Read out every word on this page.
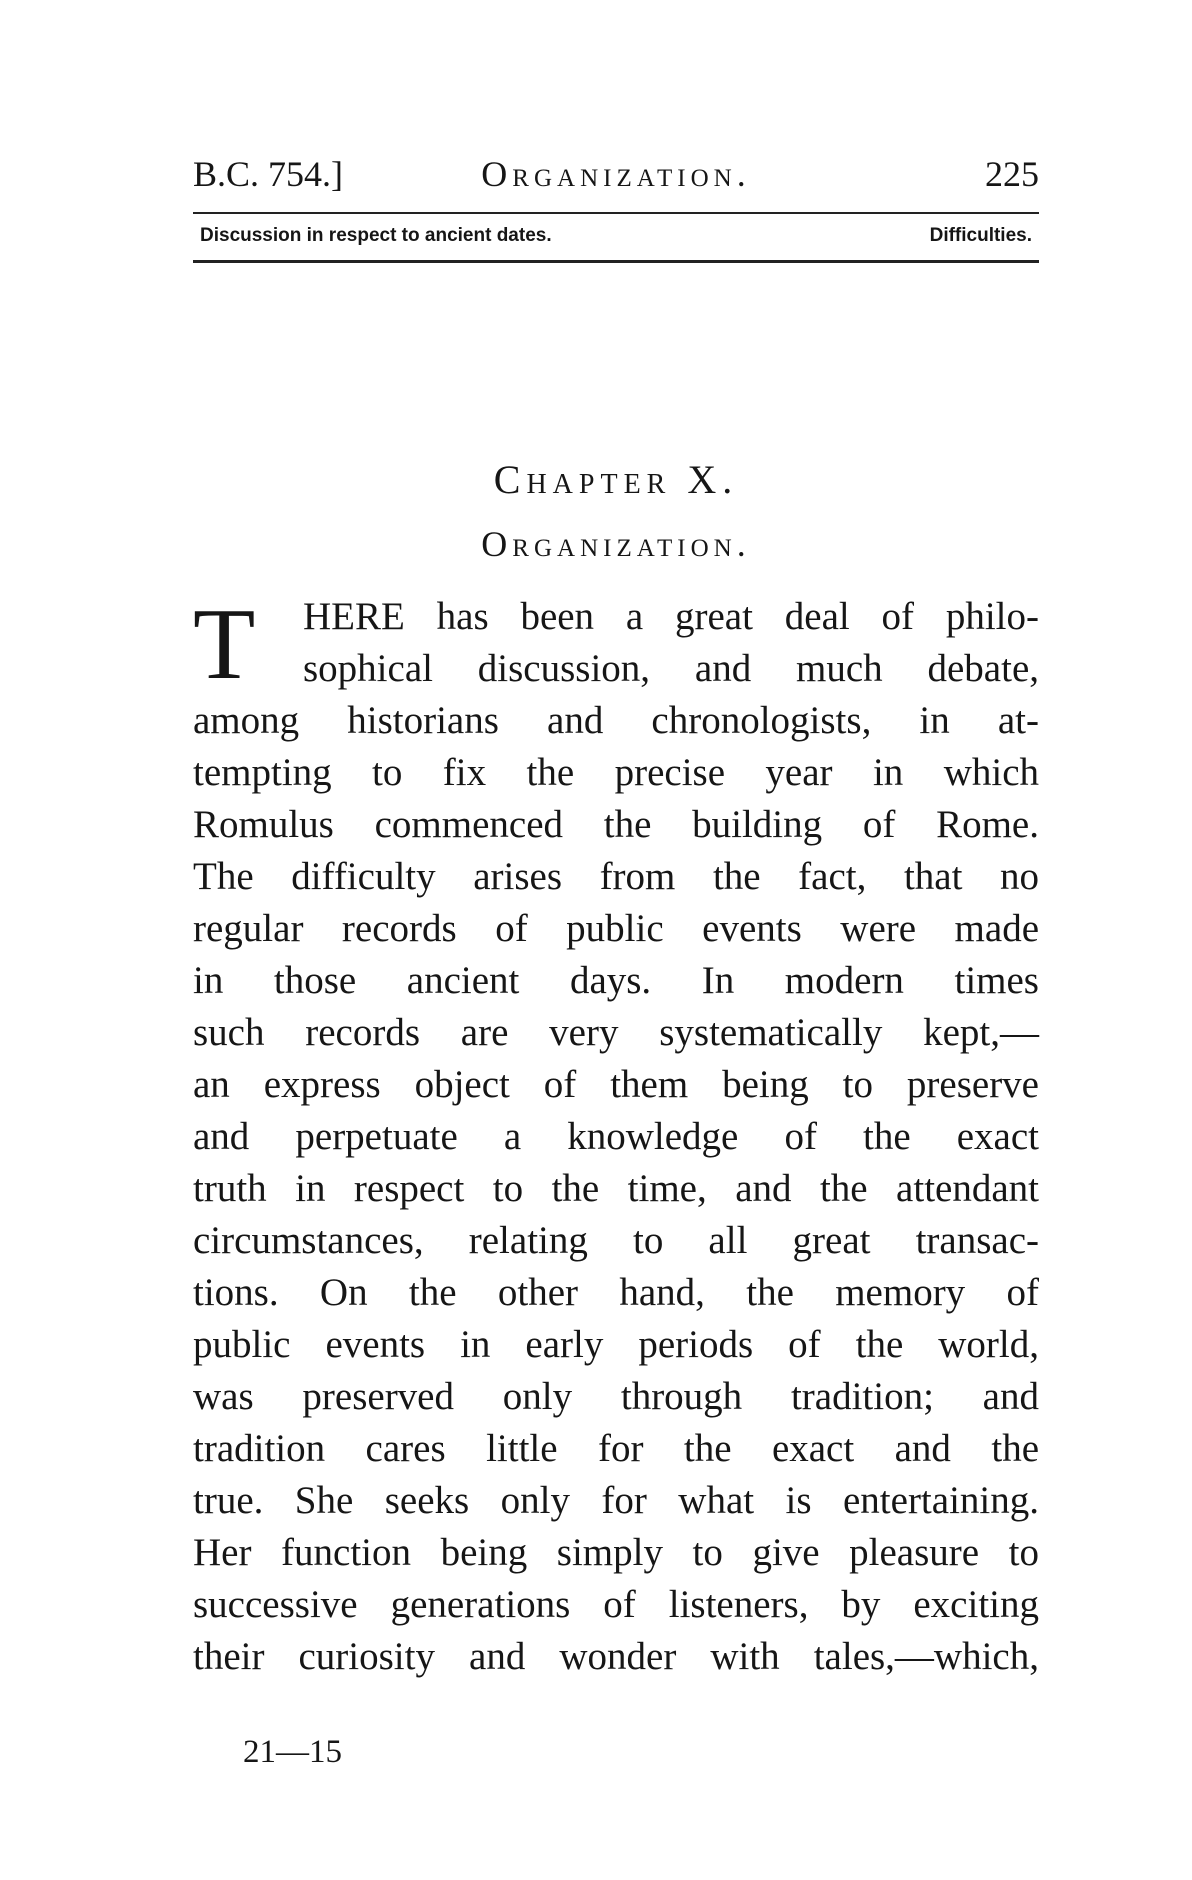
B.C. 754.]	Organization.	225
Discussion in respect to ancient dates.	Difficulties.
Chapter X.
Organization.
T	HERE has been a great deal of philo-
sophical discussion, and much debate,
among historians and chronologists, in at-
tempting to fix the precise year in which
Romulus commenced the building of Rome.
The difficulty arises from the fact, that no
regular records of public events were made
in those ancient days. In modern times
such records are very systematically kept,—
an express object of them being to preserve
and perpetuate a knowledge of the exact
truth in respect to the time, and the attendant
circumstances, relating to all great transac-
tions. On the other hand, the memory of
public events in early periods of the world,
was preserved only through tradition; and
tradition cares little for the exact and the
true. She seeks only for what is entertaining.
Her function being simply to give pleasure to
successive generations of listeners, by exciting
their curiosity and wonder with tales,—which,
21—15
